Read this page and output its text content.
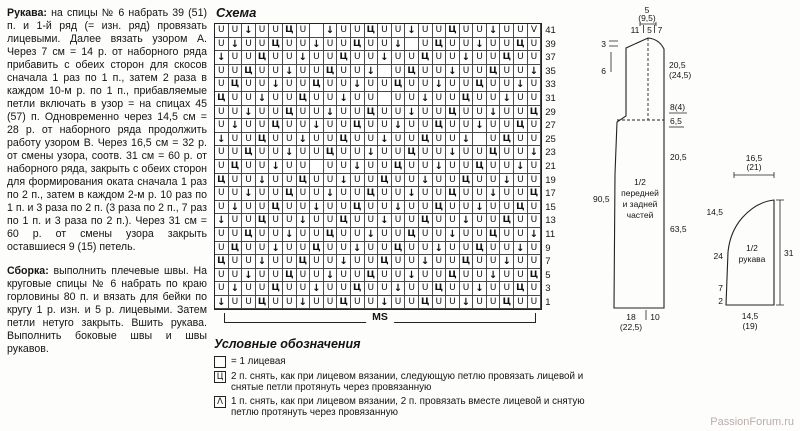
Рукава: на спицы № 6 набрать 39 (51) п. и 1-й ряд (= изн. ряд) провязать лицевыми. Далее вязать узором А. Через 7 см = 14 р. от наборного ряда прибавить с обеих сторон для скосов сначала 1 раз по 1 п., затем 2 раза в каждом 10-м р. по 1 п., прибавляемые петли включать в узор = на спицах 45 (57) п. Одновременно через 14,5 см = 28 р. от наборного ряда продолжить работу узором В. Через 16,5 см = 32 р. от смены узора, соотв. 31 см = 60 р. от наборного ряда, закрыть с обеих сторон для формирования оката сначала 1 раз по 2 п., затем в каждом 2-м р. 10 раз по 1 п. и 3 раза по 2 п. (3 раза по 2 п., 7 раз по 1 п. и 3 раза по 2 п.). Через 31 см = 60 р. от смены узора закрыть оставшиеся 9 (15) петель.
Сборка: выполнить плечевые швы. На круговые спицы № 6 набрать по краю горловины 80 п. и вязать для бейки по кругу 1 р. изн. и 5 р. лицевыми. Затем петли нетуго закрыть. Вшить рукава. Выполнить боковые швы и швы рукавов.
Схема
U U ↓ U U Ц U	↓ U U Ц U U ↓ U U Ц U U ↓ U U V
U ↓ U U Ц U U ↓ U U Ц U U ↓	U Ц U U ↓ U U Ц U
↓ U U Ц U U ↓ U U Ц U U ↓ U U Ц U U ↓ U U Ц U U
U U Ц U U ↓ U U Ц U U ↓	U Ц U U ↓ U U Ц U U ↓
U Ц U U ↓ U U Ц U U ↓ U U Ц U U ↓ U U Ц U U ↓ U
Ц U U ↓ U U Ц U U ↓ U U	U U ↓ U U Ц U U ↓ U U
U U ↓ U U Ц U U ↓ U U Ц U U ↓ U U Ц U U ↓ U U Ц
U ↓ U U Ц U U ↓ U U Ц U U ↓ U U Ц U U ↓ U U Ц U
↓ U U Ц U U ↓ U U Ц U U ↓ U U Ц U U ↓	U Ц U U
U U Ц U U ↓ U U Ц U U ↓ U U Ц U U ↓ U U Ц U U ↓
U Ц U U ↓ U U	U U ↓ U U Ц U U ↓ U U Ц U U ↓ U
Ц U U ↓ U U Ц U U ↓ U U Ц U U ↓ U U Ц U U ↓ U U
U U ↓ U U Ц U U ↓ U U Ц U U ↓ U U Ц U U ↓ U U Ц
U ↓ U U Ц U U ↓ U U Ц U U ↓ U U Ц U U ↓ U U Ц U
↓ U U Ц U U ↓ U U Ц U U ↓ U U Ц U U ↓ U U Ц U U
U U Ц U U ↓ U U Ц U U ↓ U U Ц U U ↓ U U Ц U U ↓
U Ц U U ↓ U U Ц U U ↓ U U Ц U U ↓ U U Ц U U ↓ U
Ц U U ↓ U U Ц U U ↓ U U Ц U U ↓ U U Ц U U ↓ U U
U U ↓ U U Ц U U ↓ U U Ц U U ↓ U U Ц U U ↓ U U Ц
U ↓ U U Ц U U ↓ U U Ц U U ↓ U U Ц U U ↓ U U Ц U
↓ U U Ц U U ↓ U U Ц U U ↓ U U Ц U U ↓ U U Ц U U
41
39
37
35
33
31
29
27
25
23
21
19
17
15
13
11
9
7
5
3
1
MS
Условные обозначения
= 1 лицевая
Ц 2 п. снять, как при лицевом вязании, следующую петлю провязать лицевой и снятые петли протянуть через провязанную
Λ 1 п. снять, как при лицевом вязании, 2 п. провязать вместе лицевой и снятую петлю протянуть через провязанную
5
(9,5)
11 5 7
3
6
90,5
20,5
(24,5)
8(4)
6,5
20,5
63,5
1/2
передней
и задней
частей
18
(22,5)
10
16,5
(21)
31
14,5
24
7
2
1/2
рукава
14,5
(19)
PassionForum.ru
